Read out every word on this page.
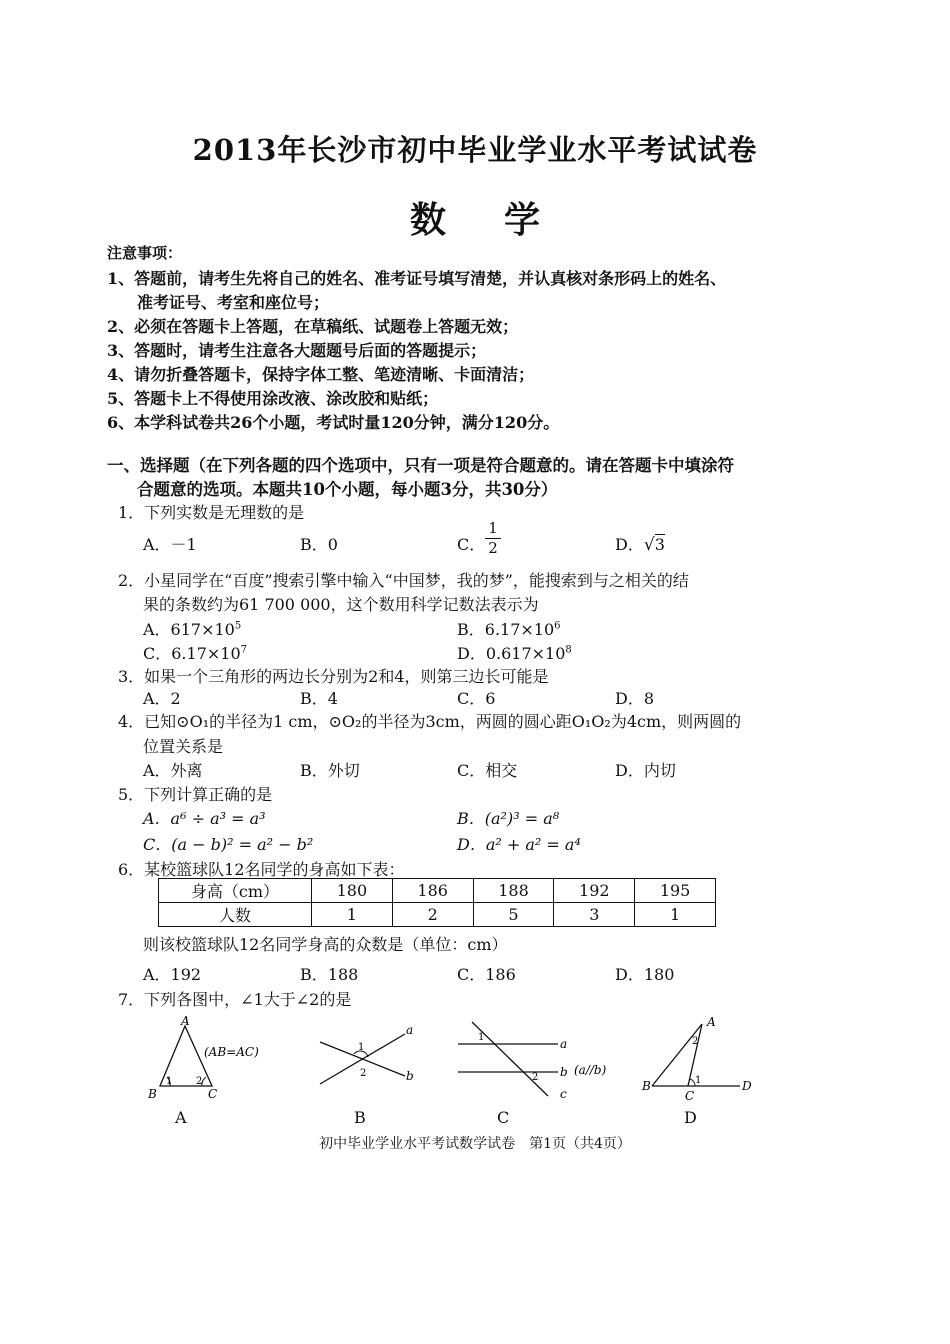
2013年长沙市初中毕业学业水平考试试卷
数学
注意事项：
1、答题前，请考生先将自己的姓名、准考证号填写清楚，并认真核对条形码上的姓名、
准考证号、考室和座位号；
2、必须在答题卡上答题，在草稿纸、试题卷上答题无效；
3、答题时，请考生注意各大题题号后面的答题提示；
4、请勿折叠答题卡，保持字体工整、笔迹清晰、卡面清洁；
5、答题卡上不得使用涂改液、涂改胶和贴纸；
6、本学科试卷共26个小题，考试时量120分钟，满分120分。
一、选择题（在下列各题的四个选项中，只有一项是符合题意的。请在答题卡中填涂符
合题意的选项。本题共10个小题，每小题3分，共30分）
1．下列实数是无理数的是
A．－1	B．0	C．
1
2	D．√3
2．小星同学在“百度”搜索引擎中输入“中国梦，我的梦”，能搜索到与之相关的结
果的条数约为61 700 000，这个数用科学记数法表示为
A．$617\times 10^5$	B．$6.17\times 10^6$
C．$6.17\times 10^7$	D．$0.617\times 10^8$
3．如果一个三角形的两边长分别为2和4，则第三边长可能是
A．2	B．4	C．6	D．8
4．已知⊙O₁的半径为1 cm，⊙O₂的半径为3cm，两圆的圆心距O₁O₂为4cm，则两圆的
位置关系是
A．外离	B．外切	C．相交	D．内切
5．下列计算正确的是
A．a⁶ ÷ a³ = a³	B．(a²)³ = a⁸
C．(a − b)² = a² − b²	D．a² + a² = a⁴
6．某校篮球队12名同学的身高如下表：
身高（cm）	180	186	188	192	195
人数	1	2	5	3	1
则该校篮球队12名同学身高的众数是（单位：cm）
A．192	B．188	C．186	D．180
7．下列各图中，∠1大于∠2的是
A
B	C
1 2
(AB=AC)
A
a
b
1
2
B
a
b
c
1
2
(a//b)
C
A
B
C
D
1
2
D
初中毕业学业水平考试数学试卷　第1页（共4页）
